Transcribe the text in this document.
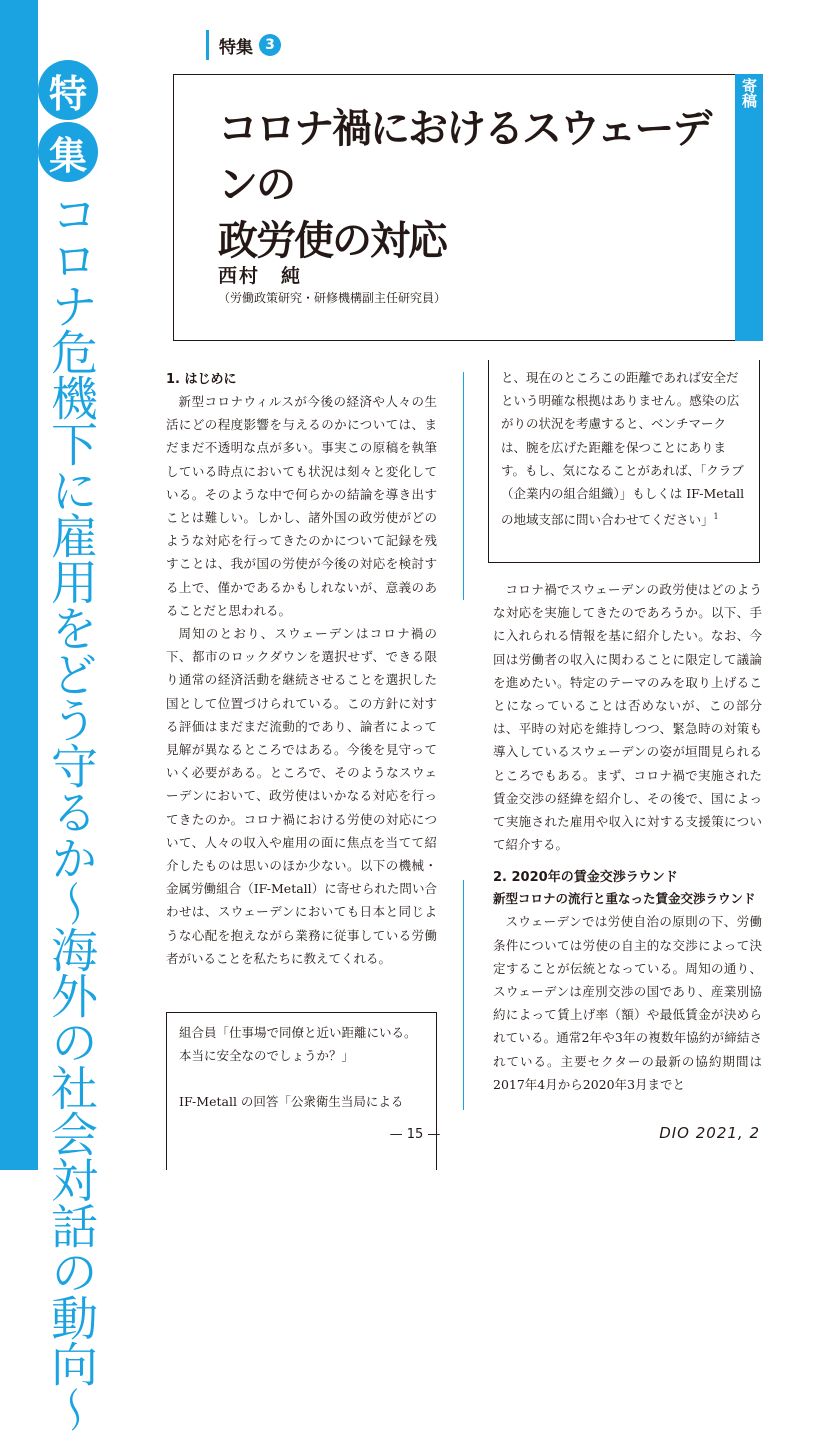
特
集
コロナ危機下に雇用をどう守るか〜海外の社会対話の動向〜
特集 3
寄稿
コロナ禍におけるスウェーデンの
政労使の対応
西村　純
（労働政策研究・研修機構副主任研究員）
1. はじめに

新型コロナウィルスが今後の経済や人々の生活にどの程度影響を与えるのかについては、まだまだ不透明な点が多い。事実この原稿を執筆している時点においても状況は刻々と変化している。そのような中で何らかの結論を導き出すことは難しい。しかし、諸外国の政労使がどのような対応を行ってきたのかについて記録を残すことは、我が国の労使が今後の対応を検討する上で、僅かであるかもしれないが、意義のあることだと思われる。

周知のとおり、スウェーデンはコロナ禍の下、都市のロックダウンを選択せず、できる限り通常の経済活動を継続させることを選択した国として位置づけられている。この方針に対する評価はまだまだ流動的であり、論者によって見解が異なるところではある。今後を見守っていく必要がある。ところで、そのようなスウェーデンにおいて、政労使はいかなる対応を行ってきたのか。コロナ禍における労使の対応について、人々の収入や雇用の面に焦点を当てて紹介したものは思いのほか少ない。以下の機械・金属労働組合（IF-Metall）に寄せられた問い合わせは、スウェーデンにおいても日本と同じような心配を抱えながら業務に従事している労働者がいることを私たちに教えてくれる。

組合員「仕事場で同僚と近い距離にいる。本当に安全なのでしょうか？」
IF-Metall の回答「公衆衛生当局による
と、現在のところこの距離であれば安全だという明確な根拠はありません。感染の広がりの状況を考慮すると、ベンチマークは、腕を広げた距離を保つことにあります。もし、気になることがあれば、「クラブ（企業内の組合組織）」もしくは IF-Metall の地域支部に問い合わせてください」$^1$

コロナ禍でスウェーデンの政労使はどのような対応を実施してきたのであろうか。以下、手に入れられる情報を基に紹介したい。なお、今回は労働者の収入に関わることに限定して議論を進めたい。特定のテーマのみを取り上げることになっていることは否めないが、この部分は、平時の対応を維持しつつ、緊急時の対策も導入しているスウェーデンの姿が垣間見られるところでもある。まず、コロナ禍で実施された賃金交渉の経緯を紹介し、その後で、国によって実施された雇用や収入に対する支援策について紹介する。

2. 2020年の賃金交渉ラウンド
新型コロナの流行と重なった賃金交渉ラウンド

スウェーデンでは労使自治の原則の下、労働条件については労使の自主的な交渉によって決定することが伝統となっている。周知の通り、スウェーデンは産別交渉の国であり、産業別協約によって賃上げ率（額）や最低賃金が決められている。通常2年や3年の複数年協約が締結されている。主要セクターの最新の協約期間は2017年4月から2020年3月までと

— 15 —	DIO 2021, 2
